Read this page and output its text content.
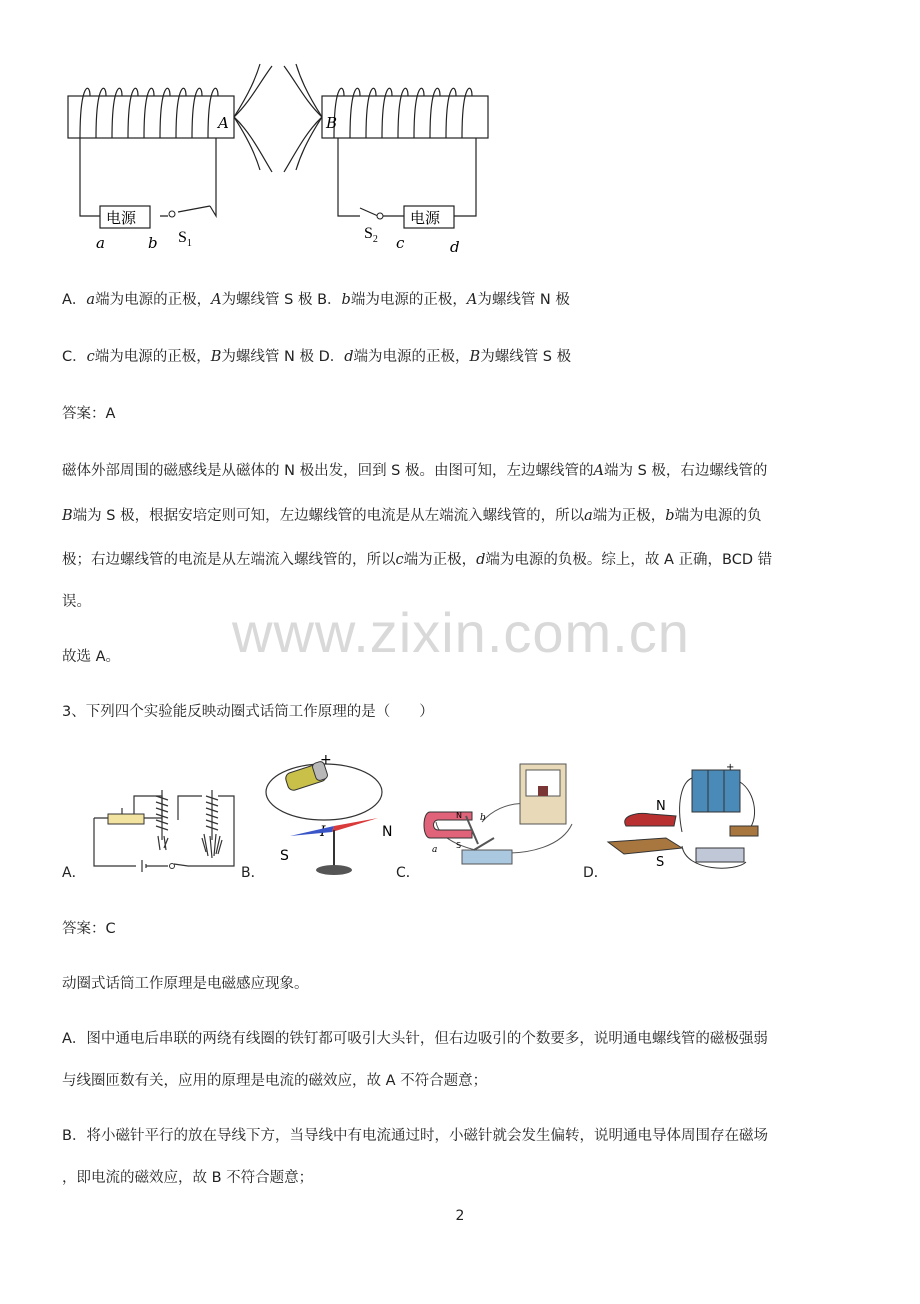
A	B
电源	电源
a	b	c	d
$S_1$
$S_2$
A．a端为电源的正极，A为螺线管 S 极 B．b端为电源的正极，A为螺线管 N 极
C．c端为电源的正极，B为螺线管 N 极 D．d端为电源的正极，B为螺线管 S 极
答案：A
磁体外部周围的磁感线是从磁体的 N 极出发，回到 S 极。由图可知，左边螺线管的A端为 S 极，右边螺线管的
B端为 S 极，根据安培定则可知，左边螺线管的电流是从左端流入螺线管的，所以a端为正极，b端为电源的负
极；右边螺线管的电流是从左端流入螺线管的，所以c端为正极，d端为电源的负极。综上，故 A 正确，BCD 错
误。	www.zixin.com.cn
故选 A。
3、下列四个实验能反映动圈式话筒工作原理的是（　　）
A．	B．
+
N
S
C．
N
S
a
b
D．
N
S
+
答案：C
动圈式话筒工作原理是电磁感应现象。
A．图中通电后串联的两绕有线圈的铁钉都可吸引大头针，但右边吸引的个数要多，说明通电螺线管的磁极强弱
与线圈匝数有关，应用的原理是电流的磁效应，故 A 不符合题意；
B．将小磁针平行的放在导线下方，当导线中有电流通过时，小磁针就会发生偏转，说明通电导体周围存在磁场
，即电流的磁效应，故 B 不符合题意；
2
